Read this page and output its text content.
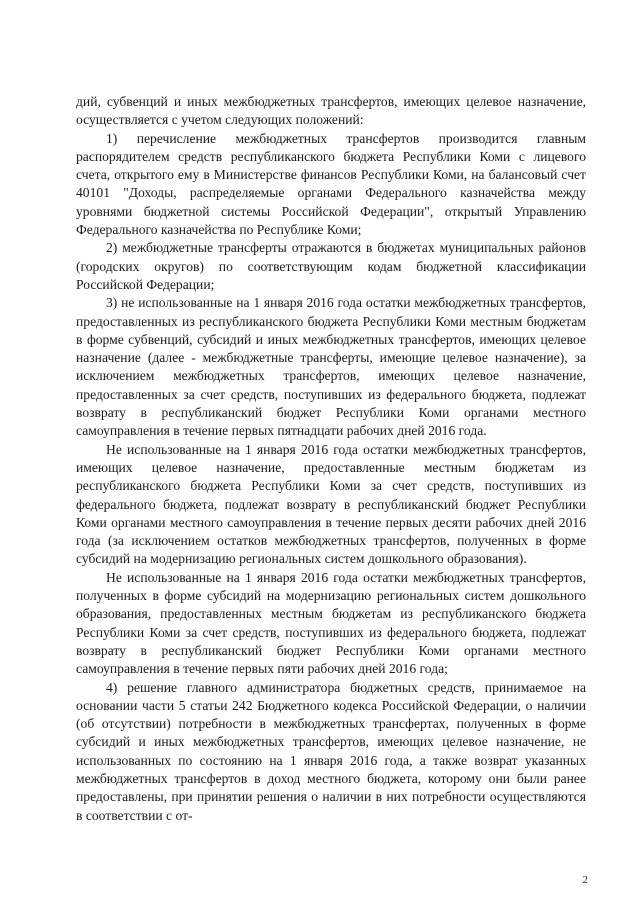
дий, субвенций и иных межбюджетных трансфертов, имеющих целевое назначение, осуществляется с учетом следующих положений:

1) перечисление межбюджетных трансфертов производится главным распорядителем средств республиканского бюджета Республики Коми с лицевого счета, открытого ему в Министерстве финансов Республики Коми, на балансовый счет 40101 "Доходы, распределяемые органами Федерального казначейства между уровнями бюджетной системы Российской Федерации", открытый Управлению Федерального казначейства по Республике Коми;

2) межбюджетные трансферты отражаются в бюджетах муниципальных районов (городских округов) по соответствующим кодам бюджетной классификации Российской Федерации;

3) не использованные на 1 января 2016 года остатки межбюджетных трансфертов, предоставленных из республиканского бюджета Республики Коми местным бюджетам в форме субвенций, субсидий и иных межбюджетных трансфертов, имеющих целевое назначение (далее - межбюджетные трансферты, имеющие целевое назначение), за исключением межбюджетных трансфертов, имеющих целевое назначение, предоставленных за счет средств, поступивших из федерального бюджета, подлежат возврату в республиканский бюджет Республики Коми органами местного самоуправления в течение первых пятнадцати рабочих дней 2016 года.

Не использованные на 1 января 2016 года остатки межбюджетных трансфертов, имеющих целевое назначение, предоставленные местным бюджетам из республиканского бюджета Республики Коми за счет средств, поступивших из федерального бюджета, подлежат возврату в республиканский бюджет Республики Коми органами местного самоуправления в течение первых десяти рабочих дней 2016 года (за исключением остатков межбюджетных трансфертов, полученных в форме субсидий на модернизацию региональных систем дошкольного образования).

Не использованные на 1 января 2016 года остатки межбюджетных трансфертов, полученных в форме субсидий на модернизацию региональных систем дошкольного образования, предоставленных местным бюджетам из республиканского бюджета Республики Коми за счет средств, поступивших из федерального бюджета, подлежат возврату в республиканский бюджет Республики Коми органами местного самоуправления в течение первых пяти рабочих дней 2016 года;

4) решение главного администратора бюджетных средств, принимаемое на основании части 5 статьи 242 Бюджетного кодекса Российской Федерации, о наличии (об отсутствии) потребности в межбюджетных трансфертах, полученных в форме субсидий и иных межбюджетных трансфертов, имеющих целевое назначение, не использованных по состоянию на 1 января 2016 года, а также возврат указанных межбюджетных трансфертов в доход местного бюджета, которому они были ранее предоставлены, при принятии решения о наличии в них потребности осуществляются в соответствии с от-

2
